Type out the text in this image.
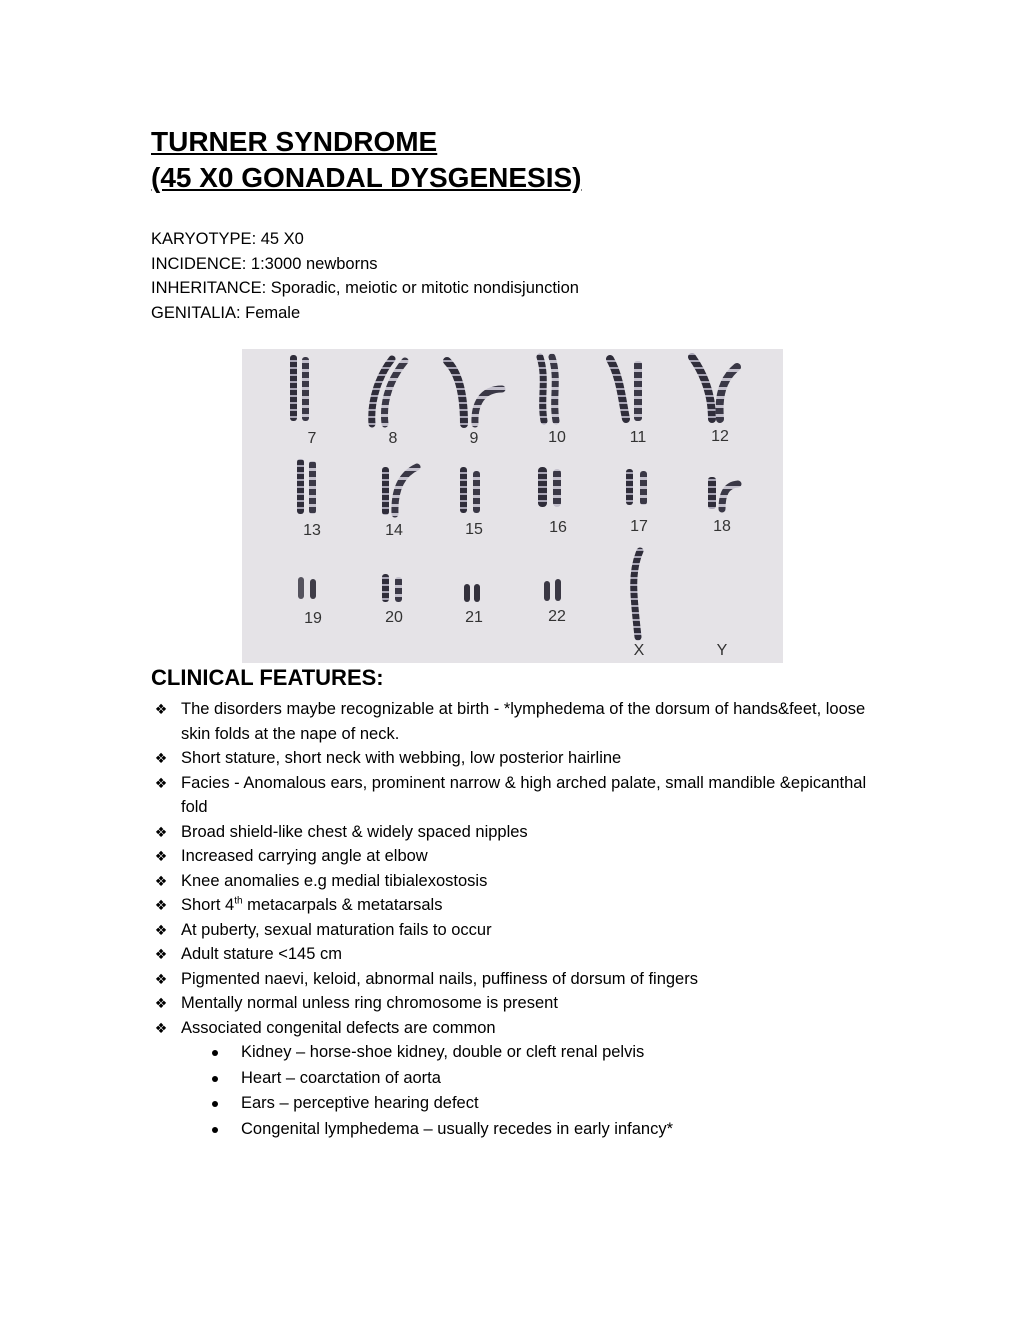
TURNER SYNDROME
(45 X0 GONADAL DYSGENESIS)
KARYOTYPE: 45 X0
INCIDENCE: 1:3000 newborns
INHERITANCE: Sporadic, meiotic or mitotic nondisjunction
GENITALIA: Female
7	8	9	10	11	12
13	14	15	16	17	18
19	20	21	22
X	Y
CLINICAL FEATURES:
❖ The disorders maybe recognizable at birth - *lymphedema of the dorsum of hands&feet, loose skin folds at the nape of neck.
❖ Short stature, short neck with webbing, low posterior hairline
❖ Facies - Anomalous ears, prominent narrow & high arched palate, small mandible &epicanthal fold
❖ Broad shield-like chest & widely spaced nipples
❖ Increased carrying angle at elbow
❖ Knee anomalies e.g medial tibialexostosis
❖ Short 4th metacarpals & metatarsals
❖ At puberty, sexual maturation fails to occur
❖ Adult stature <145 cm
❖ Pigmented naevi, keloid, abnormal nails, puffiness of dorsum of fingers
❖ Mentally normal unless ring chromosome is present
❖ Associated congenital defects are common
Kidney – horse-shoe kidney, double or cleft renal pelvis
Heart – coarctation of aorta
Ears – perceptive hearing defect
Congenital lymphedema – usually recedes in early infancy*
